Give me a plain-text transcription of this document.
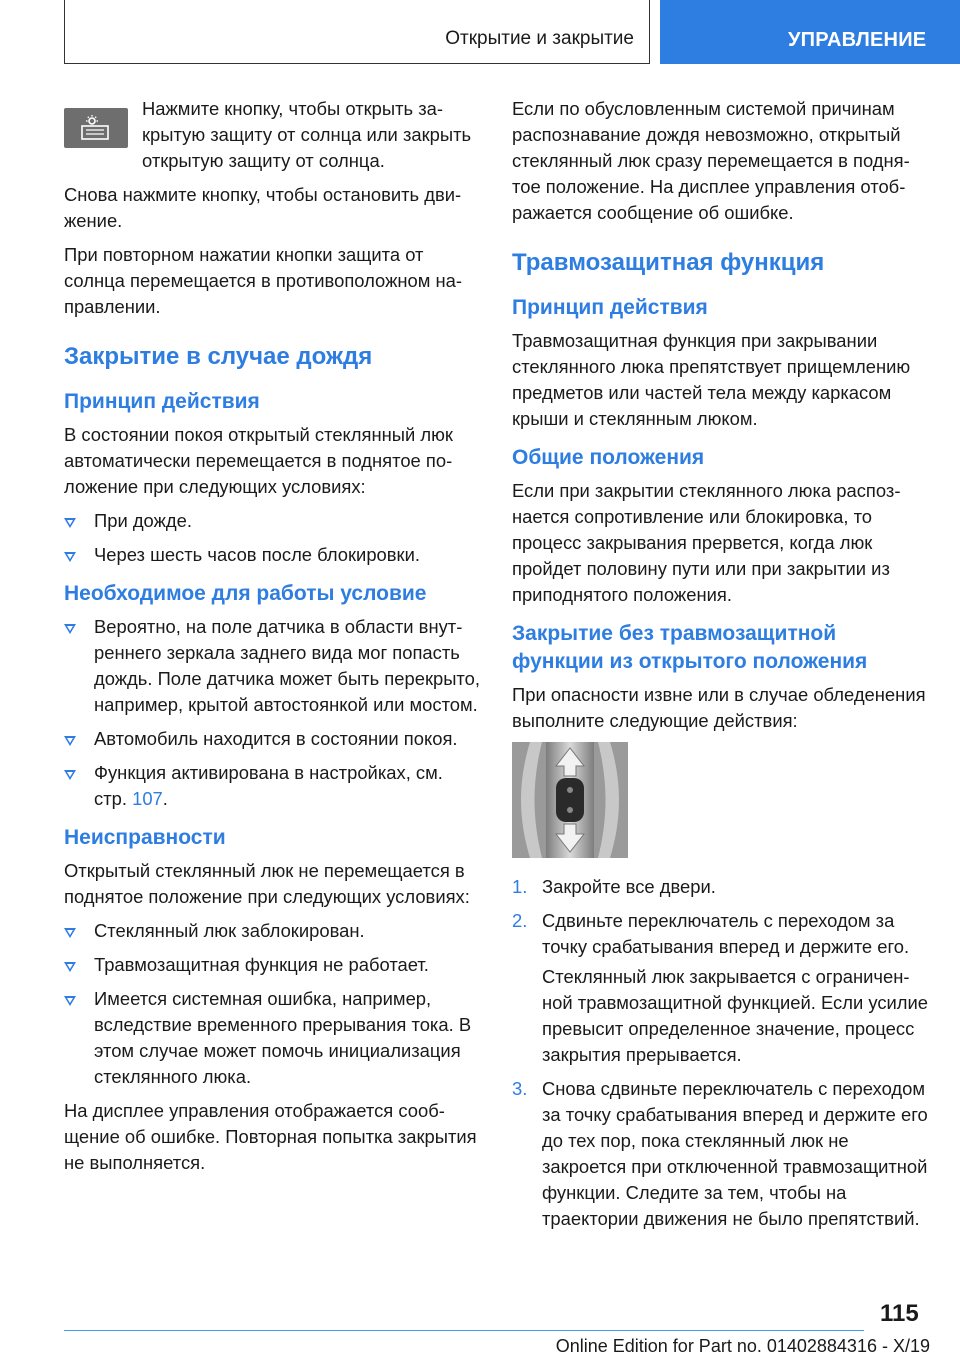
Открытие и закрытие	УПРАВЛЕНИЕ

Нажмите кнопку, чтобы открыть закрытую защиту от солнца или закрыть открытую защиту от солнца.

Снова нажмите кнопку, чтобы остановить движение.

При повторном нажатии кнопки защита от солнца перемещается в противоположном направлении.

Закрытие в случае дождя
Принцип действия

В состоянии покоя открытый стеклянный люк автоматически перемещается в поднятое положение при следующих условиях:

При дожде.
Через шесть часов после блокировки.
Необходимое для работы условие
Вероятно, на поле датчика в области внутреннего зеркала заднего вида мог попасть дождь. Поле датчика может быть перекрыто, например, крытой автостоянкой или мостом.
Автомобиль находится в состоянии покоя.
Функция активирована в настройках, см. стр. 107.
Неисправности

Открытый стеклянный люк не перемещается в поднятое положение при следующих условиях:

Стеклянный люк заблокирован.
Травмозащитная функция не работает.
Имеется системная ошибка, например, вследствие временного прерывания тока. В этом случае может помочь инициализация стеклянного люка.

На дисплее управления отображается сообщение об ошибке. Повторная попытка закрытия не выполняется.

Если по обусловленным системой причинам распознавание дождя невозможно, открытый стеклянный люк сразу перемещается в поднятое положение. На дисплее управления отображается сообщение об ошибке.

Травмозащитная функция
Принцип действия

Травмозащитная функция при закрывании стеклянного люка препятствует прищемлению предметов или частей тела между каркасом крыши и стеклянным люком.

Общие положения

Если при закрытии стеклянного люка распознается сопротивление или блокировка, то процесс закрывания прервется, когда люк пройдет половину пути или при закрытии из приподнятого положения.

Закрытие без травмозащитной функции из открытого положения

При опасности извне или в случае обледенения выполните следующие действия:

1. Закройте все двери.
2. Сдвиньте переключатель с переходом за точку срабатывания вперед и держите его.
Стеклянный люк закрывается с ограниченной травмозащитной функцией. Если усилие превысит определенное значение, процесс закрытия прерывается.
3. Снова сдвиньте переключатель с переходом за точку срабатывания вперед и держите его до тех пор, пока стеклянный люк не закроется при отключенной травмозащитной функции. Следите за тем, чтобы на траектории движения не было препятствий.
115
Online Edition for Part no. 01402884316 - X/19
